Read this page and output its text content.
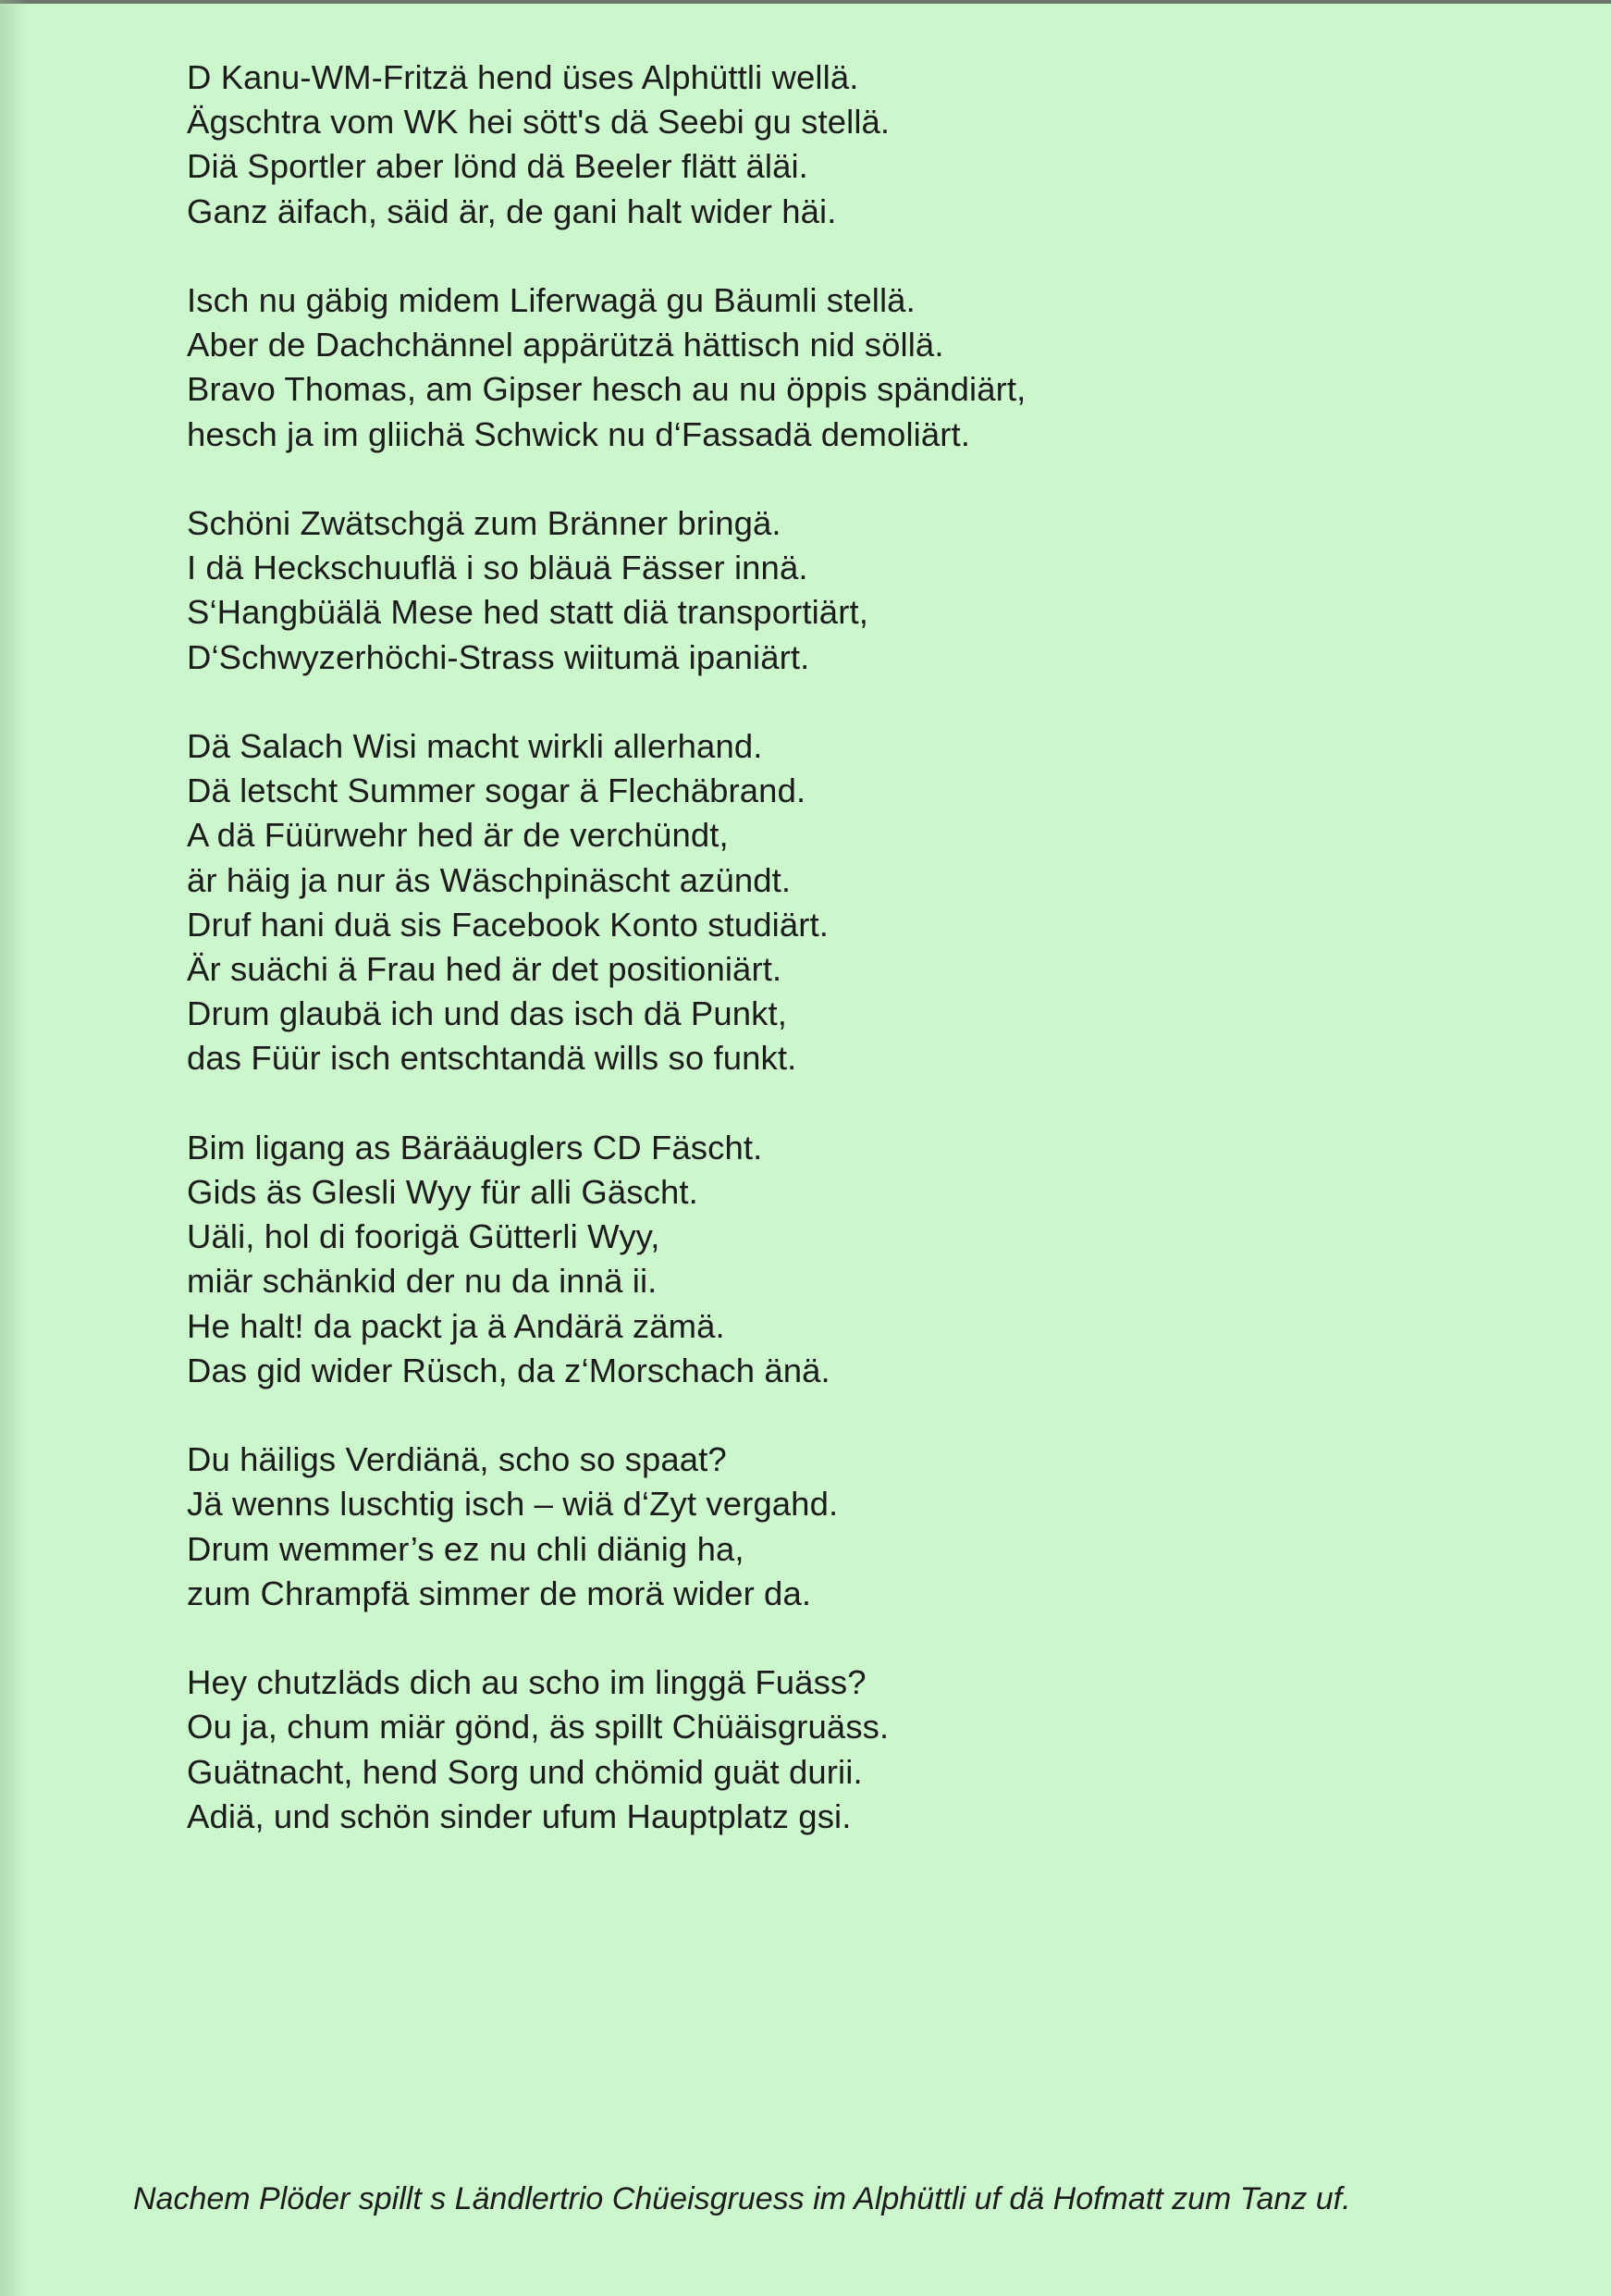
D Kanu-WM-Fritzä hend üses Alphüttli wellä.
Ägschtra vom WK hei sött's dä Seebi gu stellä.
Diä Sportler aber lönd dä Beeler flätt äläi.
Ganz äifach, säid är, de gani halt wider häi.
Isch nu gäbig midem Liferwagä gu Bäumli stellä.
Aber de Dachchännel appärützä hättisch nid söllä.
Bravo Thomas, am Gipser hesch au nu öppis spändiärt,
hesch ja im gliichä Schwick nu d‘Fassadä demoliärt.
Schöni Zwätschgä zum Bränner bringä.
I dä Heckschuuflä i so bläuä Fässer innä.
S‘Hangbüälä Mese hed statt diä transportiärt,
D‘Schwyzerhöchi-Strass wiitumä ipaniärt.
Dä Salach Wisi macht wirkli allerhand.
Dä letscht Summer sogar ä Flechäbrand.
A dä Füürwehr hed är de verchündt,
är häig ja nur äs Wäschpinäscht azündt.
Druf hani duä sis Facebook Konto studiärt.
Är suächi ä Frau hed är det positioniärt.
Drum glaubä ich und das isch dä Punkt,
das Füür isch entschtandä wills so funkt.
Bim ligang as Bärääuglers CD Fäscht.
Gids äs Glesli Wyy für alli Gäscht.
Uäli, hol di foorigä Gütterli Wyy,
miär schänkid der nu da innä ii.
He halt! da packt ja ä Andärä zämä.
Das gid wider Rüsch, da z‘Morschach änä.
Du häiligs Verdiänä, scho so spaat?
Jä wenns luschtig isch – wiä d‘Zyt vergahd.
Drum wemmer’s ez nu chli diänig ha,
zum Chrampfä simmer de morä wider da.
Hey chutzläds dich au scho im linggä Fuäss?
Ou ja, chum miär gönd, äs spillt Chüäisgruäss.
Guätnacht, hend Sorg und chömid guät durii.
Adiä, und schön sinder ufum Hauptplatz gsi.
Nachem Plöder spillt s Ländlertrio Chüeisgruess im Alphüttli uf dä Hofmatt zum Tanz uf.
